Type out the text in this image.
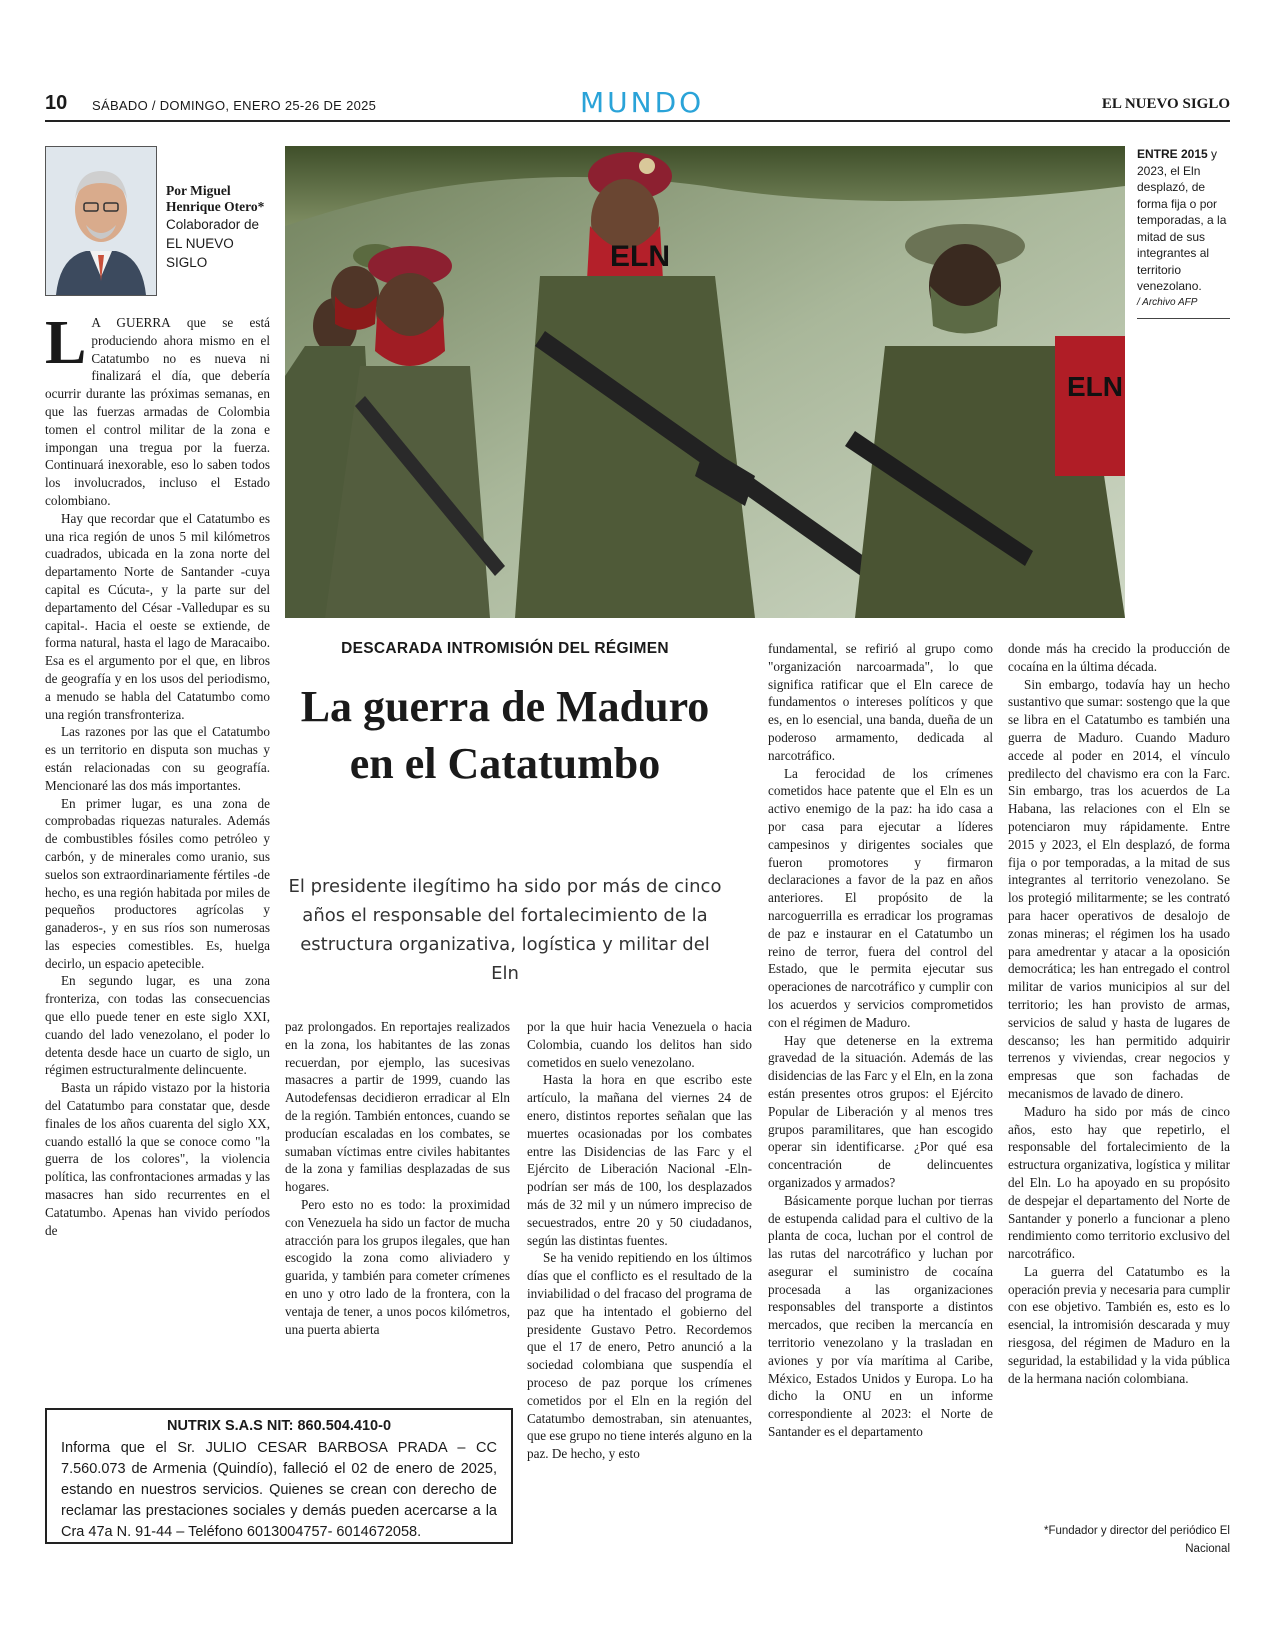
10 SÁBADO / DOMINGO, ENERO 25-26 DE 2025	MUNDO	EL NUEVO SIGLO
Por Miguel Henrique Otero*
Colaborador de EL NUEVO SIGLO	ELN
ELN
ENTRE 2015 y 2023, el Eln desplazó, de forma fija o por temporadas, a la mitad de sus integrantes al territorio venezolano.
/ Archivo AFP
DESCARADA INTROMISIÓN DEL RÉGIMEN
La guerra de Maduro en el Catatumbo
El presidente ilegítimo ha sido por más de cinco años el responsable del fortalecimiento de la estructura organizativa, logística y militar del Eln

L A GUERRA que se está produciendo ahora mismo en el Catatumbo no es nueva ni finalizará el día, que debería ocurrir durante las próximas semanas, en que las fuerzas armadas de Colombia tomen el control militar de la zona e impongan una tregua por la fuerza. Continuará inexorable, eso lo saben todos los involucrados, incluso el Estado colombiano.

Hay que recordar que el Catatumbo es una rica región de unos 5 mil kilómetros cuadrados, ubicada en la zona norte del departamento Norte de Santander -cuya capital es Cúcuta-, y la parte sur del departamento del César -Valledupar es su capital-. Hacia el oeste se extiende, de forma natural, hasta el lago de Maracaibo. Esa es el argumento por el que, en libros de geografía y en los usos del periodismo, a menudo se habla del Catatumbo como una región transfronteriza.

Las razones por las que el Catatumbo es un territorio en disputa son muchas y están relacionadas con su geografía. Mencionaré las dos más importantes.

En primer lugar, es una zona de comprobadas riquezas naturales. Además de combustibles fósiles como petróleo y carbón, y de minerales como uranio, sus suelos son extraordinariamente fértiles -de hecho, es una región habitada por miles de pequeños productores agrícolas y ganaderos-, y en sus ríos son numerosas las especies comestibles. Es, huelga decirlo, un espacio apetecible.

En segundo lugar, es una zona fronteriza, con todas las consecuencias que ello puede tener en este siglo XXI, cuando del lado venezolano, el poder lo detenta desde hace un cuarto de siglo, un régimen estructuralmente delincuente.

Basta un rápido vistazo por la historia del Catatumbo para constatar que, desde finales de los años cuarenta del siglo XX, cuando estalló la que se conoce como "la guerra de los colores", la violencia política, las confrontaciones armadas y las masacres han sido recurrentes en el Catatumbo. Apenas han vivido períodos de

paz prolongados. En reportajes realizados en la zona, los habitantes de las zonas recuerdan, por ejemplo, las sucesivas masacres a partir de 1999, cuando las Autodefensas decidieron erradicar al Eln de la región. También entonces, cuando se producían escaladas en los combates, se sumaban víctimas entre civiles habitantes de la zona y familias desplazadas de sus hogares.

Pero esto no es todo: la proximidad con Venezuela ha sido un factor de mucha atracción para los grupos ilegales, que han escogido la zona como aliviadero y guarida, y también para cometer crímenes en uno y otro lado de la frontera, con la ventaja de tener, a unos pocos kilómetros, una puerta abierta

por la que huir hacia Venezuela o hacia Colombia, cuando los delitos han sido cometidos en suelo venezolano.

Hasta la hora en que escribo este artículo, la mañana del viernes 24 de enero, distintos reportes señalan que las muertes ocasionadas por los combates entre las Disidencias de las Farc y el Ejército de Liberación Nacional -Eln- podrían ser más de 100, los desplazados más de 32 mil y un número impreciso de secuestrados, entre 20 y 50 ciudadanos, según las distintas fuentes.

Se ha venido repitiendo en los últimos días que el conflicto es el resultado de la inviabilidad o del fracaso del programa de paz que ha intentado el gobierno del presidente Gustavo Petro. Recordemos que el 17 de enero, Petro anunció a la sociedad colombiana que suspendía el proceso de paz porque los crímenes cometidos por el Eln en la región del Catatumbo demostraban, sin atenuantes, que ese grupo no tiene interés alguno en la paz. De hecho, y esto

fundamental, se refirió al grupo como "organización narcoarmada", lo que significa ratificar que el Eln carece de fundamentos o intereses políticos y que es, en lo esencial, una banda, dueña de un poderoso armamento, dedicada al narcotráfico.

La ferocidad de los crímenes cometidos hace patente que el Eln es un activo enemigo de la paz: ha ido casa a por casa para ejecutar a líderes campesinos y dirigentes sociales que fueron promotores y firmaron declaraciones a favor de la paz en años anteriores. El propósito de la narcoguerrilla es erradicar los programas de paz e instaurar en el Catatumbo un reino de terror, fuera del control del Estado, que le permita ejecutar sus operaciones de narcotráfico y cumplir con los acuerdos y servicios comprometidos con el régimen de Maduro.

Hay que detenerse en la extrema gravedad de la situación. Además de las disidencias de las Farc y el Eln, en la zona están presentes otros grupos: el Ejército Popular de Liberación y al menos tres grupos paramilitares, que han escogido operar sin identificarse. ¿Por qué esa concentración de delincuentes organizados y armados?

Básicamente porque luchan por tierras de estupenda calidad para el cultivo de la planta de coca, luchan por el control de las rutas del narcotráfico y luchan por asegurar el suministro de cocaína procesada a las organizaciones responsables del transporte a distintos mercados, que reciben la mercancía en territorio venezolano y la trasladan en aviones y por vía marítima al Caribe, México, Estados Unidos y Europa. Lo ha dicho la ONU en un informe correspondiente al 2023: el Norte de Santander es el departamento

donde más ha crecido la producción de cocaína en la última década.

Sin embargo, todavía hay un hecho sustantivo que sumar: sostengo que la que se libra en el Catatumbo es también una guerra de Maduro. Cuando Maduro accede al poder en 2014, el vínculo predilecto del chavismo era con la Farc. Sin embargo, tras los acuerdos de La Habana, las relaciones con el Eln se potenciaron muy rápidamente. Entre 2015 y 2023, el Eln desplazó, de forma fija o por temporadas, a la mitad de sus integrantes al territorio venezolano. Se los protegió militarmente; se les contrató para hacer operativos de desalojo de zonas mineras; el régimen los ha usado para amedrentar y atacar a la oposición democrática; les han entregado el control militar de varios municipios al sur del territorio; les han provisto de armas, servicios de salud y hasta de lugares de descanso; les han permitido adquirir terrenos y viviendas, crear negocios y empresas que son fachadas de mecanismos de lavado de dinero.

Maduro ha sido por más de cinco años, esto hay que repetirlo, el responsable del fortalecimiento de la estructura organizativa, logística y militar del Eln. Lo ha apoyado en su propósito de despejar el departamento del Norte de Santander y ponerlo a funcionar a pleno rendimiento como territorio exclusivo del narcotráfico.

La guerra del Catatumbo es la operación previa y necesaria para cumplir con ese objetivo. También es, esto es lo esencial, la intromisión descarada y muy riesgosa, del régimen de Maduro en la seguridad, la estabilidad y la vida pública de la hermana nación colombiana.

*Fundador y director del periódico El Nacional
NUTRIX S.A.S NIT: 860.504.410-0
Informa que el Sr. JULIO CESAR BARBOSA PRADA – CC 7.560.073 de Armenia (Quindío), falleció el 02 de enero de 2025, estando en nuestros servicios. Quienes se crean con derecho de reclamar las prestaciones sociales y demás pueden acercarse a la Cra 47a N. 91-44 – Teléfono 6013004757- 6014672058.
